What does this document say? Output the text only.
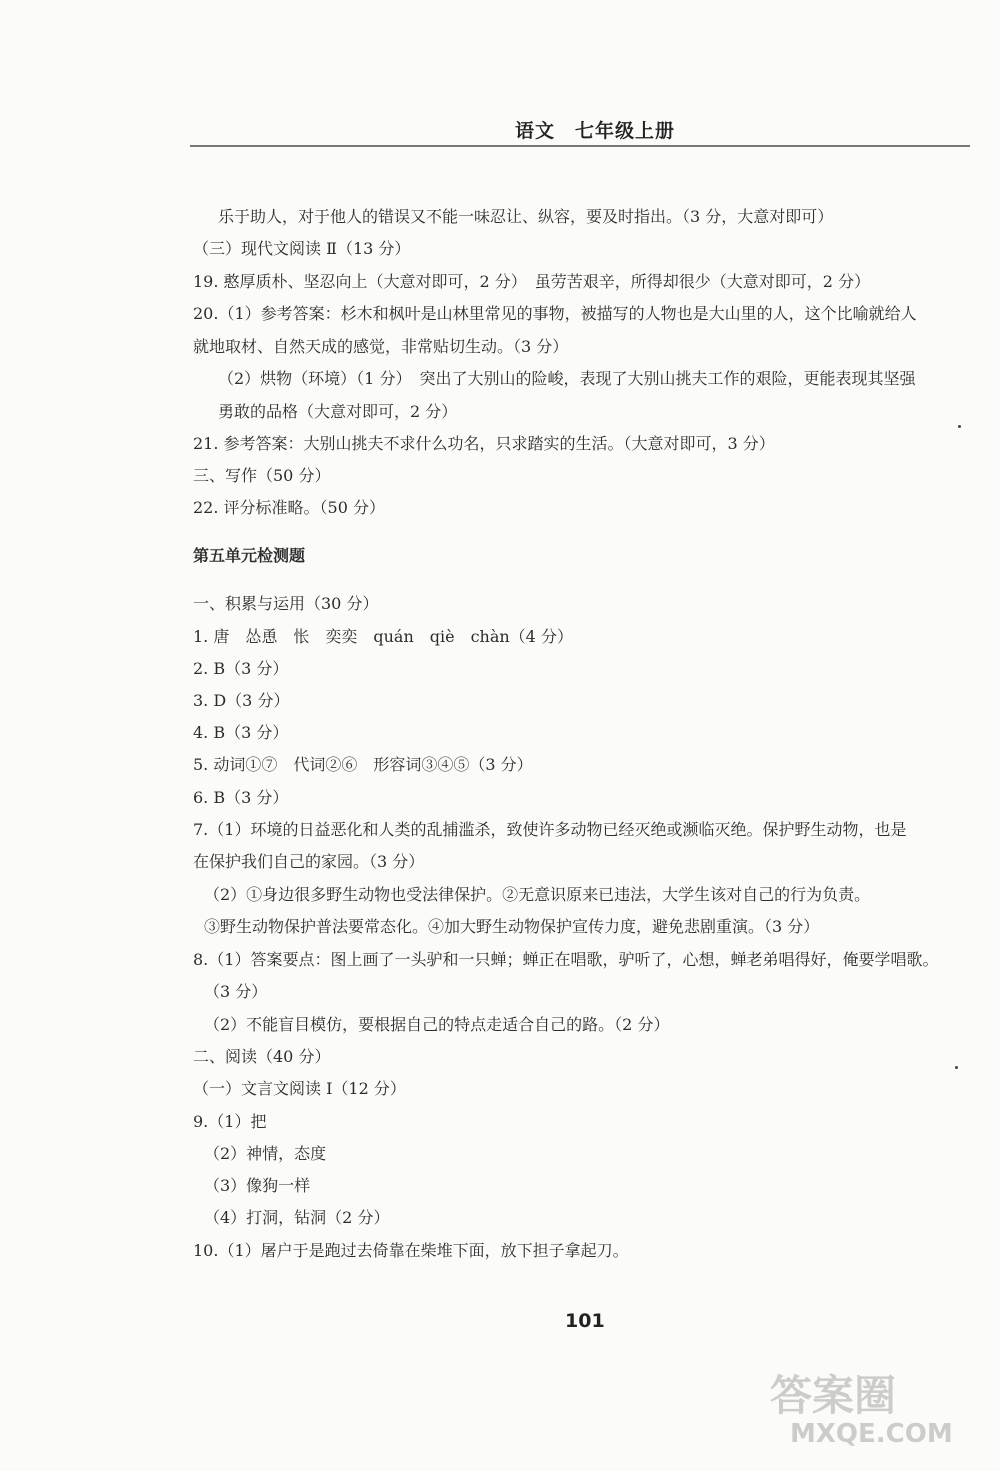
语文　七年级上册
乐于助人，对于他人的错误又不能一味忍让、纵容，要及时指出。（3 分，大意对即可）
（三）现代文阅读 Ⅱ（13 分）
19. 憨厚质朴、坚忍向上（大意对即可，2 分）　虽劳苦艰辛，所得却很少（大意对即可，2 分）
20.（1）参考答案：杉木和枫叶是山林里常见的事物，被描写的人物也是大山里的人，这个比喻就给人
就地取材、自然天成的感觉，非常贴切生动。（3 分）
（2）烘物（环境）（1 分）　突出了大别山的险峻，表现了大别山挑夫工作的艰险，更能表现其坚强
勇敢的品格（大意对即可，2 分）
21. 参考答案：大别山挑夫不求什么功名，只求踏实的生活。（大意对即可，3 分）
三、写作（50 分）
22. 评分标准略。（50 分）
第五单元检测题
一、积累与运用（30 分）
1. 唐　怂恿　怅　奕奕　quán　qiè　chàn（4 分）
2. B（3 分）
3. D（3 分）
4. B（3 分）
5. 动词①⑦　代词②⑥　形容词③④⑤（3 分）
6. B（3 分）
7.（1）环境的日益恶化和人类的乱捕滥杀，致使许多动物已经灭绝或濒临灭绝。保护野生动物，也是
在保护我们自己的家园。（3 分）
（2）①身边很多野生动物也受法律保护。②无意识原来已违法，大学生该对自己的行为负责。
③野生动物保护普法要常态化。④加大野生动物保护宣传力度，避免悲剧重演。（3 分）
8.（1）答案要点：图上画了一头驴和一只蝉；蝉正在唱歌，驴听了，心想，蝉老弟唱得好，俺要学唱歌。
（3 分）
（2）不能盲目模仿，要根据自己的特点走适合自己的路。（2 分）
二、阅读（40 分）
（一）文言文阅读 Ⅰ（12 分）
9.（1）把
（2）神情，态度
（3）像狗一样
（4）打洞，钻洞（2 分）
10.（1）屠户于是跑过去倚靠在柴堆下面，放下担子拿起刀。
101
答案圈
MXQE.COM
